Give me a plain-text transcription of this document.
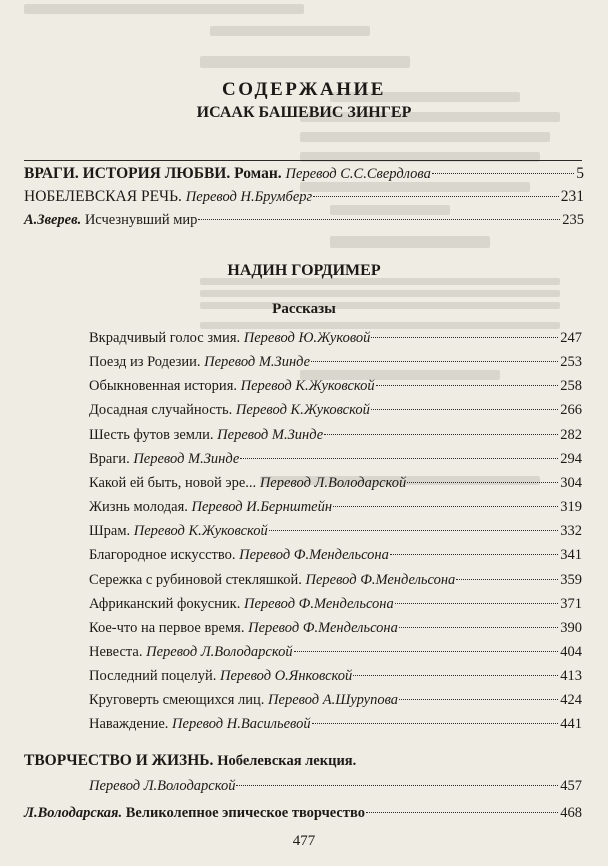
СОДЕРЖАНИЕ
ИСААК БАШЕВИС ЗИНГЕР
ВРАГИ. ИСТОРИЯ ЛЮБВИ. Роман. Перевод С.С.Свердлова	5
НОБЕЛЕВСКАЯ РЕЧЬ. Перевод Н.Брумберг	231
А.Зверев. Исчезнувший мир	235
НАДИН ГОРДИМЕР
Рассказы
Вкрадчивый голос змия. Перевод Ю.Жуковой	247
Поезд из Родезии. Перевод М.Зинде	253
Обыкновенная история. Перевод К.Жуковской	258
Досадная случайность. Перевод К.Жуковской	266
Шесть футов земли. Перевод М.Зинде	282
Враги. Перевод М.Зинде	294
Какой ей быть, новой эре... Перевод Л.Володарской	304
Жизнь молодая. Перевод И.Бернштейн	319
Шрам. Перевод К.Жуковской	332
Благородное искусство. Перевод Ф.Мендельсона	341
Сережка с рубиновой стекляшкой. Перевод Ф.Мендельсона	359
Африканский фокусник. Перевод Ф.Мендельсона	371
Кое-что на первое время. Перевод Ф.Мендельсона	390
Невеста. Перевод Л.Володарской	404
Последний поцелуй. Перевод О.Янковской	413
Круговерть смеющихся лиц. Перевод А.Шурупова	424
Наваждение. Перевод Н.Васильевой	441
ТВОРЧЕСТВО И ЖИЗНЬ. Нобелевская лекция.
Перевод Л.Володарской	457
Л.Володарская. Великолепное эпическое творчество	468
477
